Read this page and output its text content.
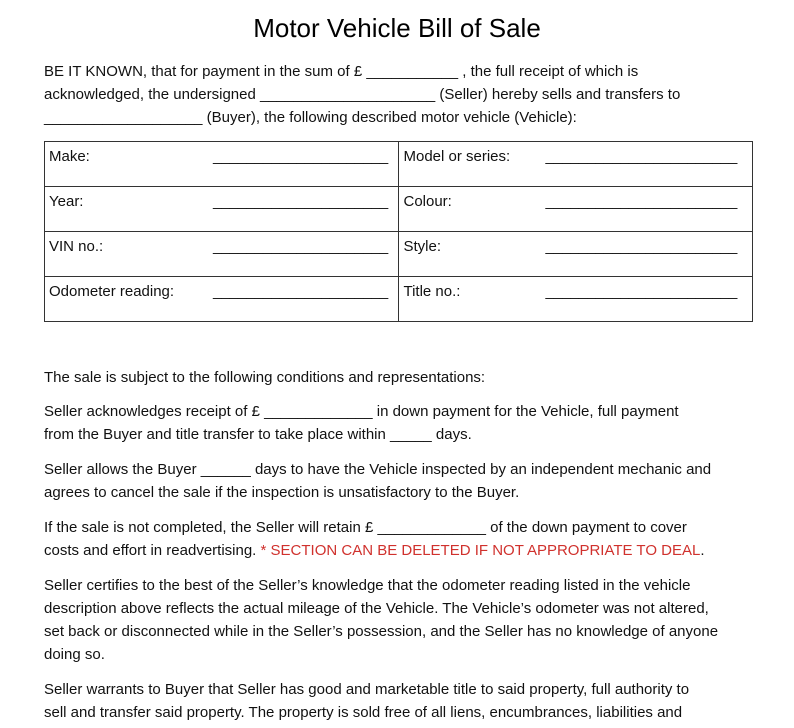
Motor Vehicle Bill of Sale

BE IT KNOWN, that for payment in the sum of £ ___________ , the full receipt of which is
acknowledged, the undersigned _____________________ (Seller) hereby sells and transfers to
___________________ (Buyer), the following described motor vehicle (Vehicle):

Make: _____________________	Model or series: _______________________

Year: _____________________	Colour: _______________________

VIN no.: _____________________	Style: _______________________

Odometer reading: _____________________	Title no.: _______________________

The sale is subject to the following conditions and representations:

Seller acknowledges receipt of £ _____________ in down payment for the Vehicle, full payment
from the Buyer and title transfer to take place within _____ days.

Seller allows the Buyer ______ days to have the Vehicle inspected by an independent mechanic and
agrees to cancel the sale if the inspection is unsatisfactory to the Buyer.

If the sale is not completed, the Seller will retain £ _____________ of the down payment to cover
costs and effort in readvertising. * SECTION CAN BE DELETED IF NOT APPROPRIATE TO DEAL.

Seller certifies to the best of the Seller’s knowledge that the odometer reading listed in the vehicle
description above reflects the actual mileage of the Vehicle. The Vehicle’s odometer was not altered,
set back or disconnected while in the Seller’s possession, and the Seller has no knowledge of anyone
doing so.

Seller warrants to Buyer that Seller has good and marketable title to said property, full authority to
sell and transfer said property. The property is sold free of all liens, encumbrances, liabilities and
